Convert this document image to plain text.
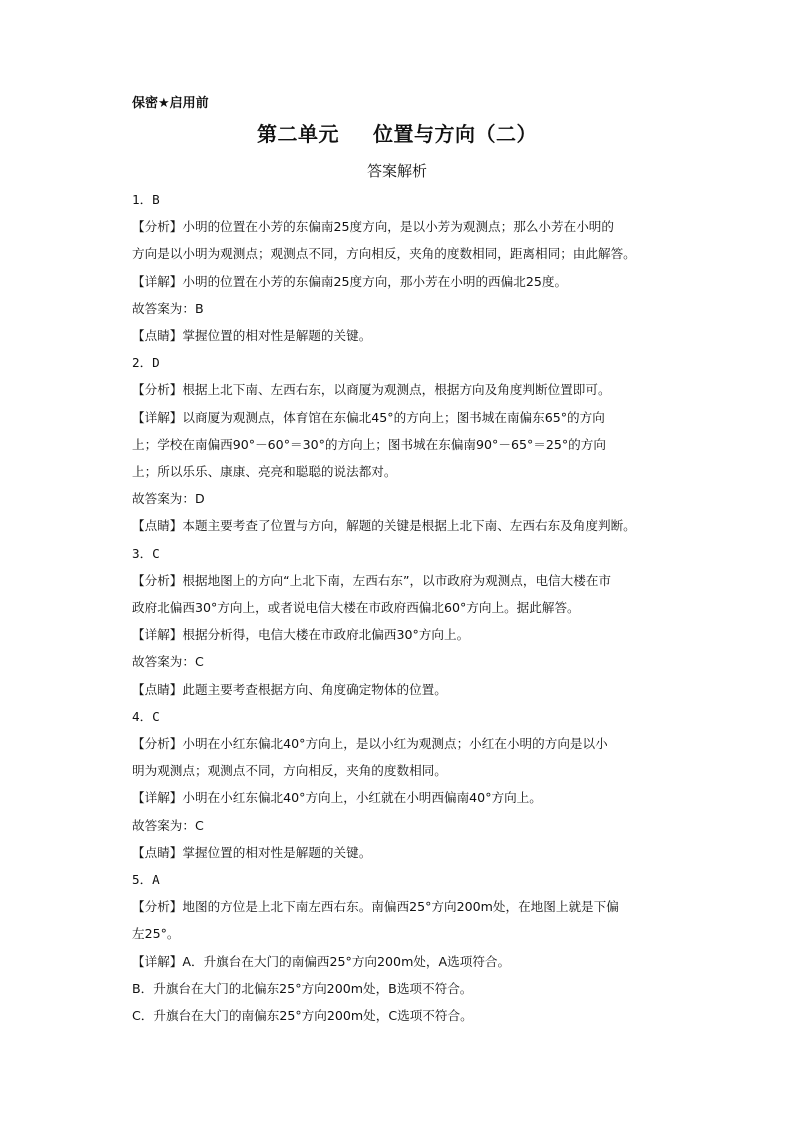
保密★启用前
第二单元 位置与方向（二）
答案解析
1．B
【分析】小明的位置在小芳的东偏南25度方向，是以小芳为观测点；那么小芳在小明的
方向是以小明为观测点；观测点不同，方向相反，夹角的度数相同，距离相同；由此解答。
【详解】小明的位置在小芳的东偏南25度方向，那小芳在小明的西偏北25度。
故答案为：B
【点睛】掌握位置的相对性是解题的关键。
2．D
【分析】根据上北下南、左西右东，以商厦为观测点，根据方向及角度判断位置即可。
【详解】以商厦为观测点，体育馆在东偏北45°的方向上；图书城在南偏东65°的方向
上；学校在南偏西90°－60°＝30°的方向上；图书城在东偏南90°－65°＝25°的方向
上；所以乐乐、康康、亮亮和聪聪的说法都对。
故答案为：D
【点睛】本题主要考查了位置与方向，解题的关键是根据上北下南、左西右东及角度判断。
3．C
【分析】根据地图上的方向“上北下南，左西右东”，以市政府为观测点，电信大楼在市
政府北偏西30°方向上，或者说电信大楼在市政府西偏北60°方向上。据此解答。
【详解】根据分析得，电信大楼在市政府北偏西30°方向上。
故答案为：C
【点睛】此题主要考查根据方向、角度确定物体的位置。
4．C
【分析】小明在小红东偏北40°方向上，是以小红为观测点；小红在小明的方向是以小
明为观测点；观测点不同，方向相反，夹角的度数相同。
【详解】小明在小红东偏北40°方向上，小红就在小明西偏南40°方向上。
故答案为：C
【点睛】掌握位置的相对性是解题的关键。
5．A
【分析】地图的方位是上北下南左西右东。南偏西25°方向200m处，在地图上就是下偏
左25°。
【详解】A．升旗台在大门的南偏西25°方向200m处，A选项符合。
B．升旗台在大门的北偏东25°方向200m处，B选项不符合。
C．升旗台在大门的南偏东25°方向200m处，C选项不符合。
